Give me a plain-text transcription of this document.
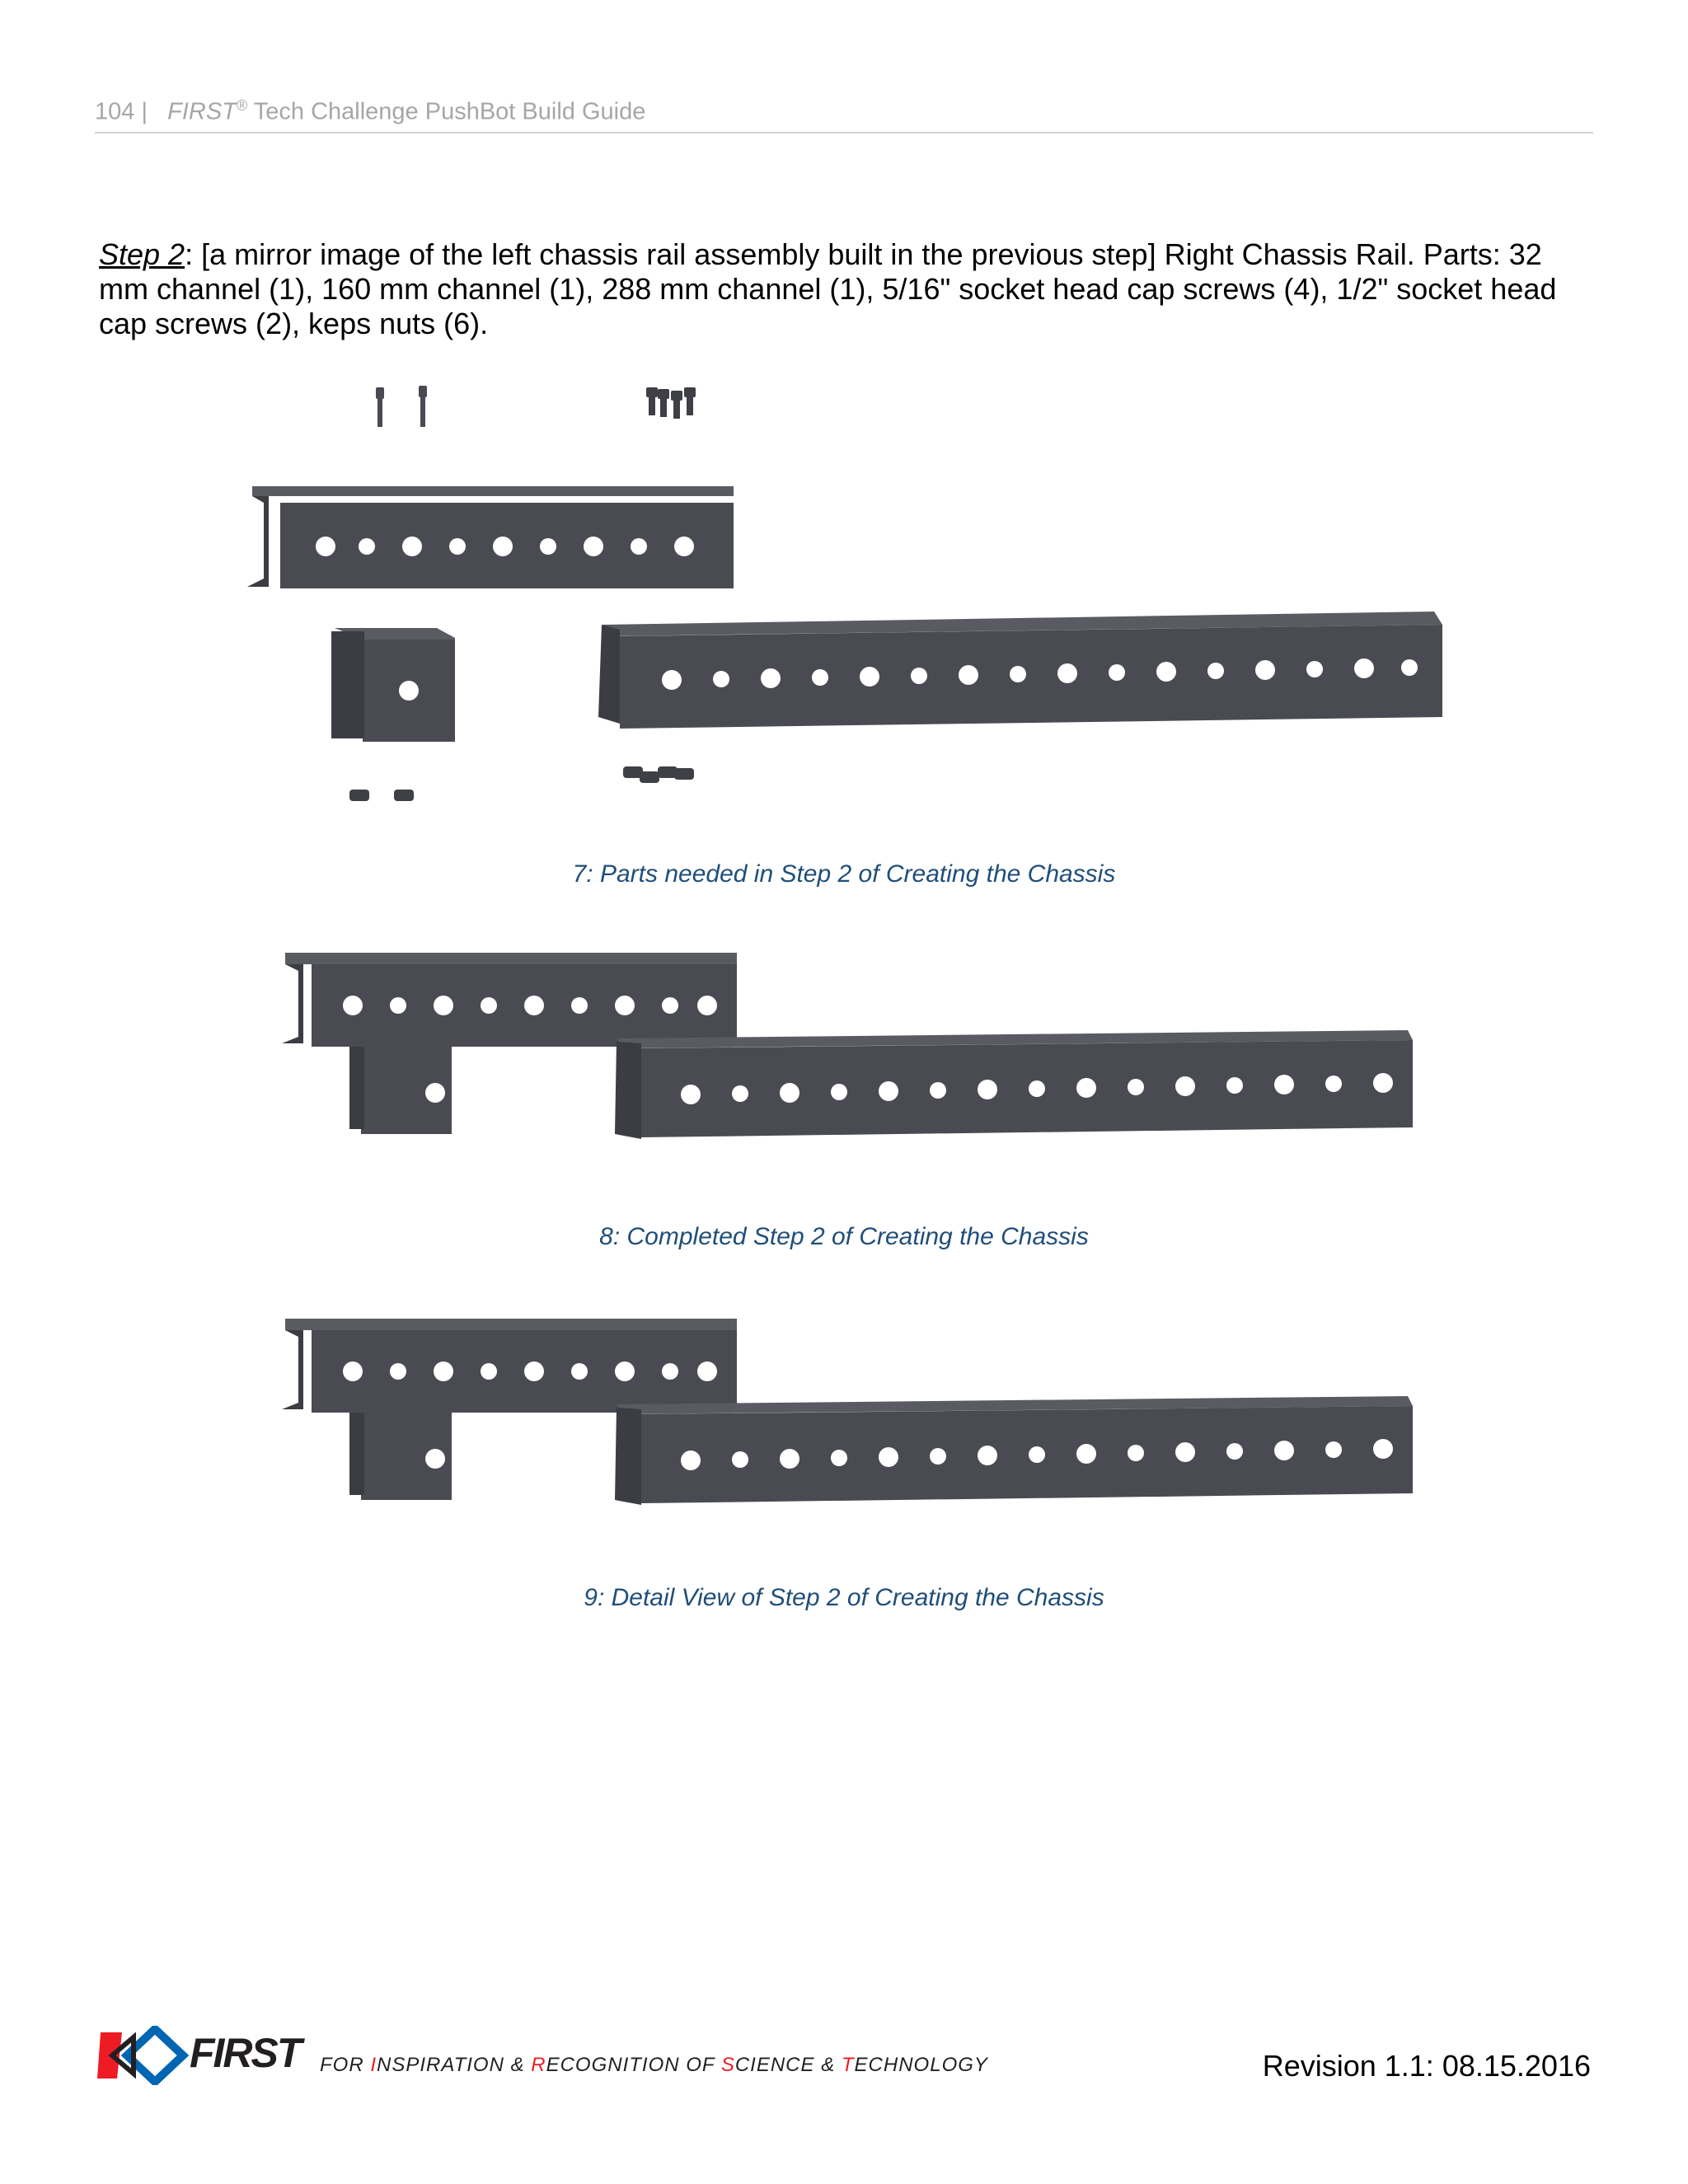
104 | FIRST® Tech Challenge PushBot Build Guide
Step 2: [a mirror image of the left chassis rail assembly built in the previous step] Right Chassis Rail. Parts: 32 mm channel (1), 160 mm channel (1), 288 mm channel (1), 5/16" socket head cap screws (4), 1/2" socket head cap screws (2), keps nuts (6).
7: Parts needed in Step 2 of Creating the Chassis
8: Completed Step 2 of Creating the Chassis
9: Detail View of Step 2 of Creating the Chassis
FIRST FOR INSPIRATION & RECOGNITION OF SCIENCE & TECHNOLOGY	Revision 1.1: 08.15.2016
